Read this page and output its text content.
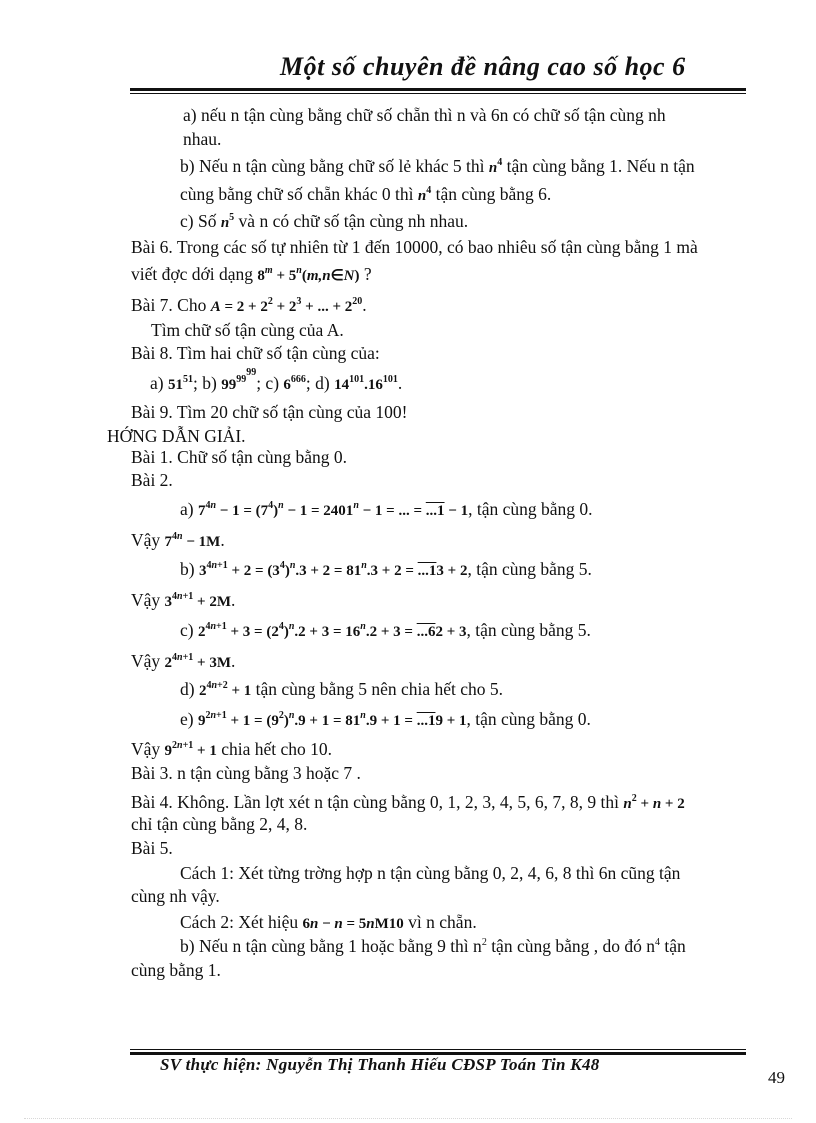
Một số chuyên đề nâng cao số học 6
a) nếu n tận cùng bằng chữ số chẵn thì n và 6n có chữ số tận cùng nh
nhau.
b) Nếu n tận cùng bằng chữ số lẻ khác 5 thì $n^4$ tận cùng bằng 1. Nếu n tận
cùng bằng chữ số chẵn khác 0 thì $n^4$ tận cùng bằng 6.
c) Số $n^5$ và n có chữ số tận cùng nh nhau.
Bài 6. Trong các số tự nhiên từ 1 đến 10000, có bao nhiêu số tận cùng bằng 1 mà
viết đợc dới dạng $8^m$ + $5^n(m,n\in N)$ ?
Bài 7. Cho $A = 2 + 2^2 + 2^3$ + ... + $2^{20}$.
Tìm chữ số tận cùng của A.
Bài 8. Tìm hai chữ số tận cùng của:
a) $51^{51}$; b) $99^{99^{99}}$; c) $6^{666}$; d) $14^{101}.16^{101}$.
Bài 9. Tìm 20 chữ số tận cùng của 100!
HỚNG DẪN GIẢI.
Bài 1. Chữ số tận cùng bằng 0.
Bài 2.
a) $7^{4n} - 1 = (7^4)^n - 1 = 2401^n - 1$ = ... = ...1 − 1, tận cùng bằng 0.
Vậy $7^{4n} - 1M$.
b) $3^{4n+1} + 2 = (3^4)^n.3 + 2 = 81^n.3 + 2 = ...13 + 2$, tận cùng bằng 5.
Vậy $3^{4n+1} + 2M$.
c) $2^{4n+1} + 3 = (2^4)^n.2 + 3 = 16^n.2 + 3 = ...62 + 3$, tận cùng bằng 5.
Vậy $2^{4n+1} + 3M$.
d) $2^{4n+2} + 1$ tận cùng bằng 5 nên chia hết cho 5.
e) $9^{2n+1} + 1 = (9^2)^n.9 + 1 = 81^n.9 + 1 = ...19 + 1$, tận cùng bằng 0.
Vậy $9^{2n+1} + 1$ chia hết cho 10.
Bài 3. n tận cùng bằng 3 hoặc 7 .
Bài 4. Không. Lần lợt xét n tận cùng bằng 0, 1, 2, 3, 4, 5, 6, 7, 8, 9 thì $n^2 + n + 2$
chỉ tận cùng bằng 2, 4, 8.
Bài 5.
Cách 1: Xét từng trờng hợp n tận cùng bằng 0, 2, 4, 6, 8 thì 6n cũng tận
cùng nh vậy.
Cách 2: Xét hiệu 6n − n = 5nM10 vì n chẵn.
b) Nếu n tận cùng bằng 1 hoặc bằng 9 thì $n^2$ tận cùng bằng , do đó $n^4$ tận
cùng bằng 1.
SV thực hiện: Nguyễn Thị Thanh Hiếu CĐSP Toán Tin K48
49
